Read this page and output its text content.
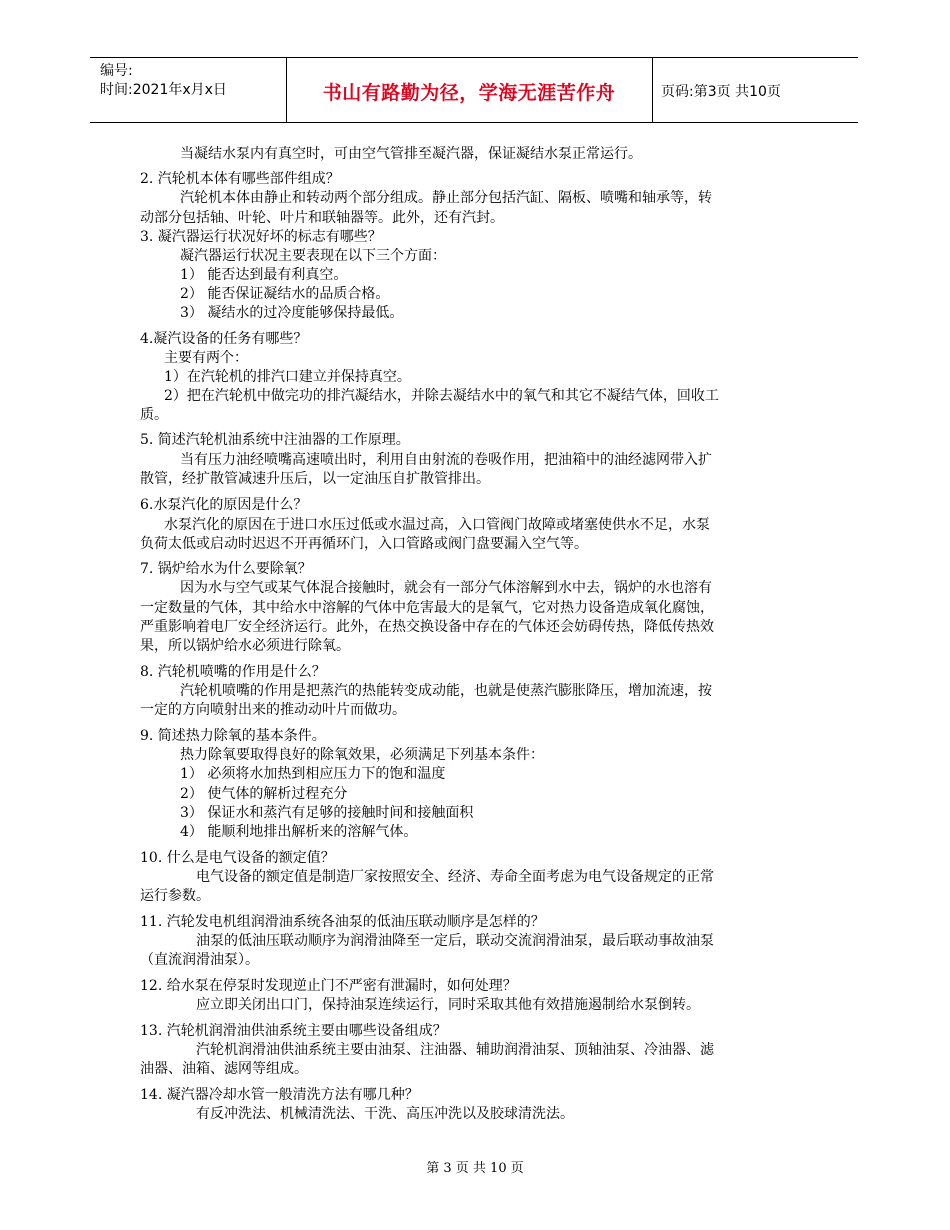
编号:
时间:2021年x月x日	书山有路勤为径，学海无涯苦作舟	页码:第3页 共10页
当凝结水泵内有真空时，可由空气管排至凝汽器，保证凝结水泵正常运行。
2. 汽轮机本体有哪些部件组成？
汽轮机本体由静止和转动两个部分组成。静止部分包括汽缸、隔板、喷嘴和轴承等，转
动部分包括轴、叶轮、叶片和联轴器等。此外，还有汽封。
3. 凝汽器运行状况好坏的标志有哪些？
凝汽器运行状况主要表现在以下三个方面：
1） 能否达到最有利真空。
2） 能否保证凝结水的品质合格。
3） 凝结水的过冷度能够保持最低。
4.凝汽设备的任务有哪些？
主要有两个：
1）在汽轮机的排汽口建立并保持真空。
2）把在汽轮机中做完功的排汽凝结水，并除去凝结水中的氧气和其它不凝结气体，回收工
质。
5. 简述汽轮机油系统中注油器的工作原理。
当有压力油经喷嘴高速喷出时，利用自由射流的卷吸作用，把油箱中的油经滤网带入扩
散管，经扩散管减速升压后，以一定油压自扩散管排出。
6.水泵汽化的原因是什么？
水泵汽化的原因在于进口水压过低或水温过高，入口管阀门故障或堵塞使供水不足，水泵
负荷太低或启动时迟迟不开再循环门，入口管路或阀门盘要漏入空气等。
7. 锅炉给水为什么要除氧？
因为水与空气或某气体混合接触时，就会有一部分气体溶解到水中去，锅炉的水也溶有
一定数量的气体，其中给水中溶解的气体中危害最大的是氧气，它对热力设备造成氧化腐蚀，
严重影响着电厂安全经济运行。此外，在热交换设备中存在的气体还会妨碍传热，降低传热效
果，所以锅炉给水必须进行除氧。
8. 汽轮机喷嘴的作用是什么？
汽轮机喷嘴的作用是把蒸汽的热能转变成动能，也就是使蒸汽膨胀降压，增加流速，按
一定的方向喷射出来的推动动叶片而做功。
9. 简述热力除氧的基本条件。
热力除氧要取得良好的除氧效果，必须满足下列基本条件：
1） 必须将水加热到相应压力下的饱和温度
2） 使气体的解析过程充分
3） 保证水和蒸汽有足够的接触时间和接触面积
4） 能顺利地排出解析来的溶解气体。
10. 什么是电气设备的额定值？
电气设备的额定值是制造厂家按照安全、经济、寿命全面考虑为电气设备规定的正常
运行参数。
11. 汽轮发电机组润滑油系统各油泵的低油压联动顺序是怎样的？
油泵的低油压联动顺序为润滑油降至一定后，联动交流润滑油泵，最后联动事故油泵
（直流润滑油泵）。
12. 给水泵在停泵时发现逆止门不严密有泄漏时，如何处理？
应立即关闭出口门，保持油泵连续运行，同时采取其他有效措施遏制给水泵倒转。
13. 汽轮机润滑油供油系统主要由哪些设备组成？
汽轮机润滑油供油系统主要由油泵、注油器、辅助润滑油泵、顶轴油泵、冷油器、滤
油器、油箱、滤网等组成。
14. 凝汽器冷却水管一般清洗方法有哪几种？
有反冲洗法、机械清洗法、干洗、高压冲洗以及胶球清洗法。
第 3 页 共 10 页
